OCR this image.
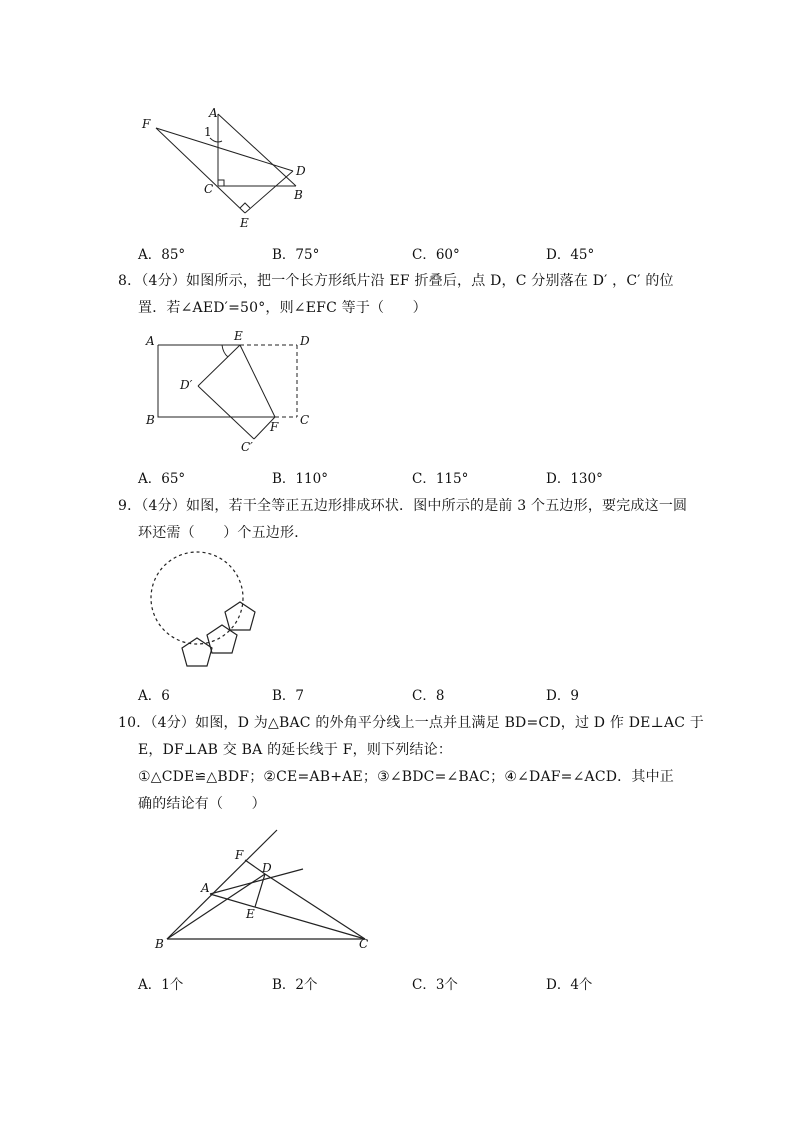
A
F
1
D
C	B
E
A．85°	B．75°	C．60°	D．45°
8．（4分）如图所示，把一个长方形纸片沿 EF 折叠后，点 D，C 分别落在 D′ ，C′ 的位
置．若∠AED′=50°，则∠EFC 等于（　　）
A	E	D
D′
B	C
F
C′
A．65°	B．110°	C．115°	D．130°
9．（4分）如图，若干全等正五边形排成环状．图中所示的是前 3 个五边形，要完成这一圆
环还需（　　）个五边形．
A．6	B．7	C．8	D．9
10．（4分）如图，D 为△BAC 的外角平分线上一点并且满足 BD=CD，过 D 作 DE⊥AC 于
E，DF⊥AB 交 BA 的延长线于 F，则下列结论：
①△CDE≌△BDF；②CE=AB+AE；③∠BDC=∠BAC；④∠DAF=∠ACD．其中正
确的结论有（　　）
F
D
A
E
B	C
A．1个	B．2个	C．3个	D．4个
